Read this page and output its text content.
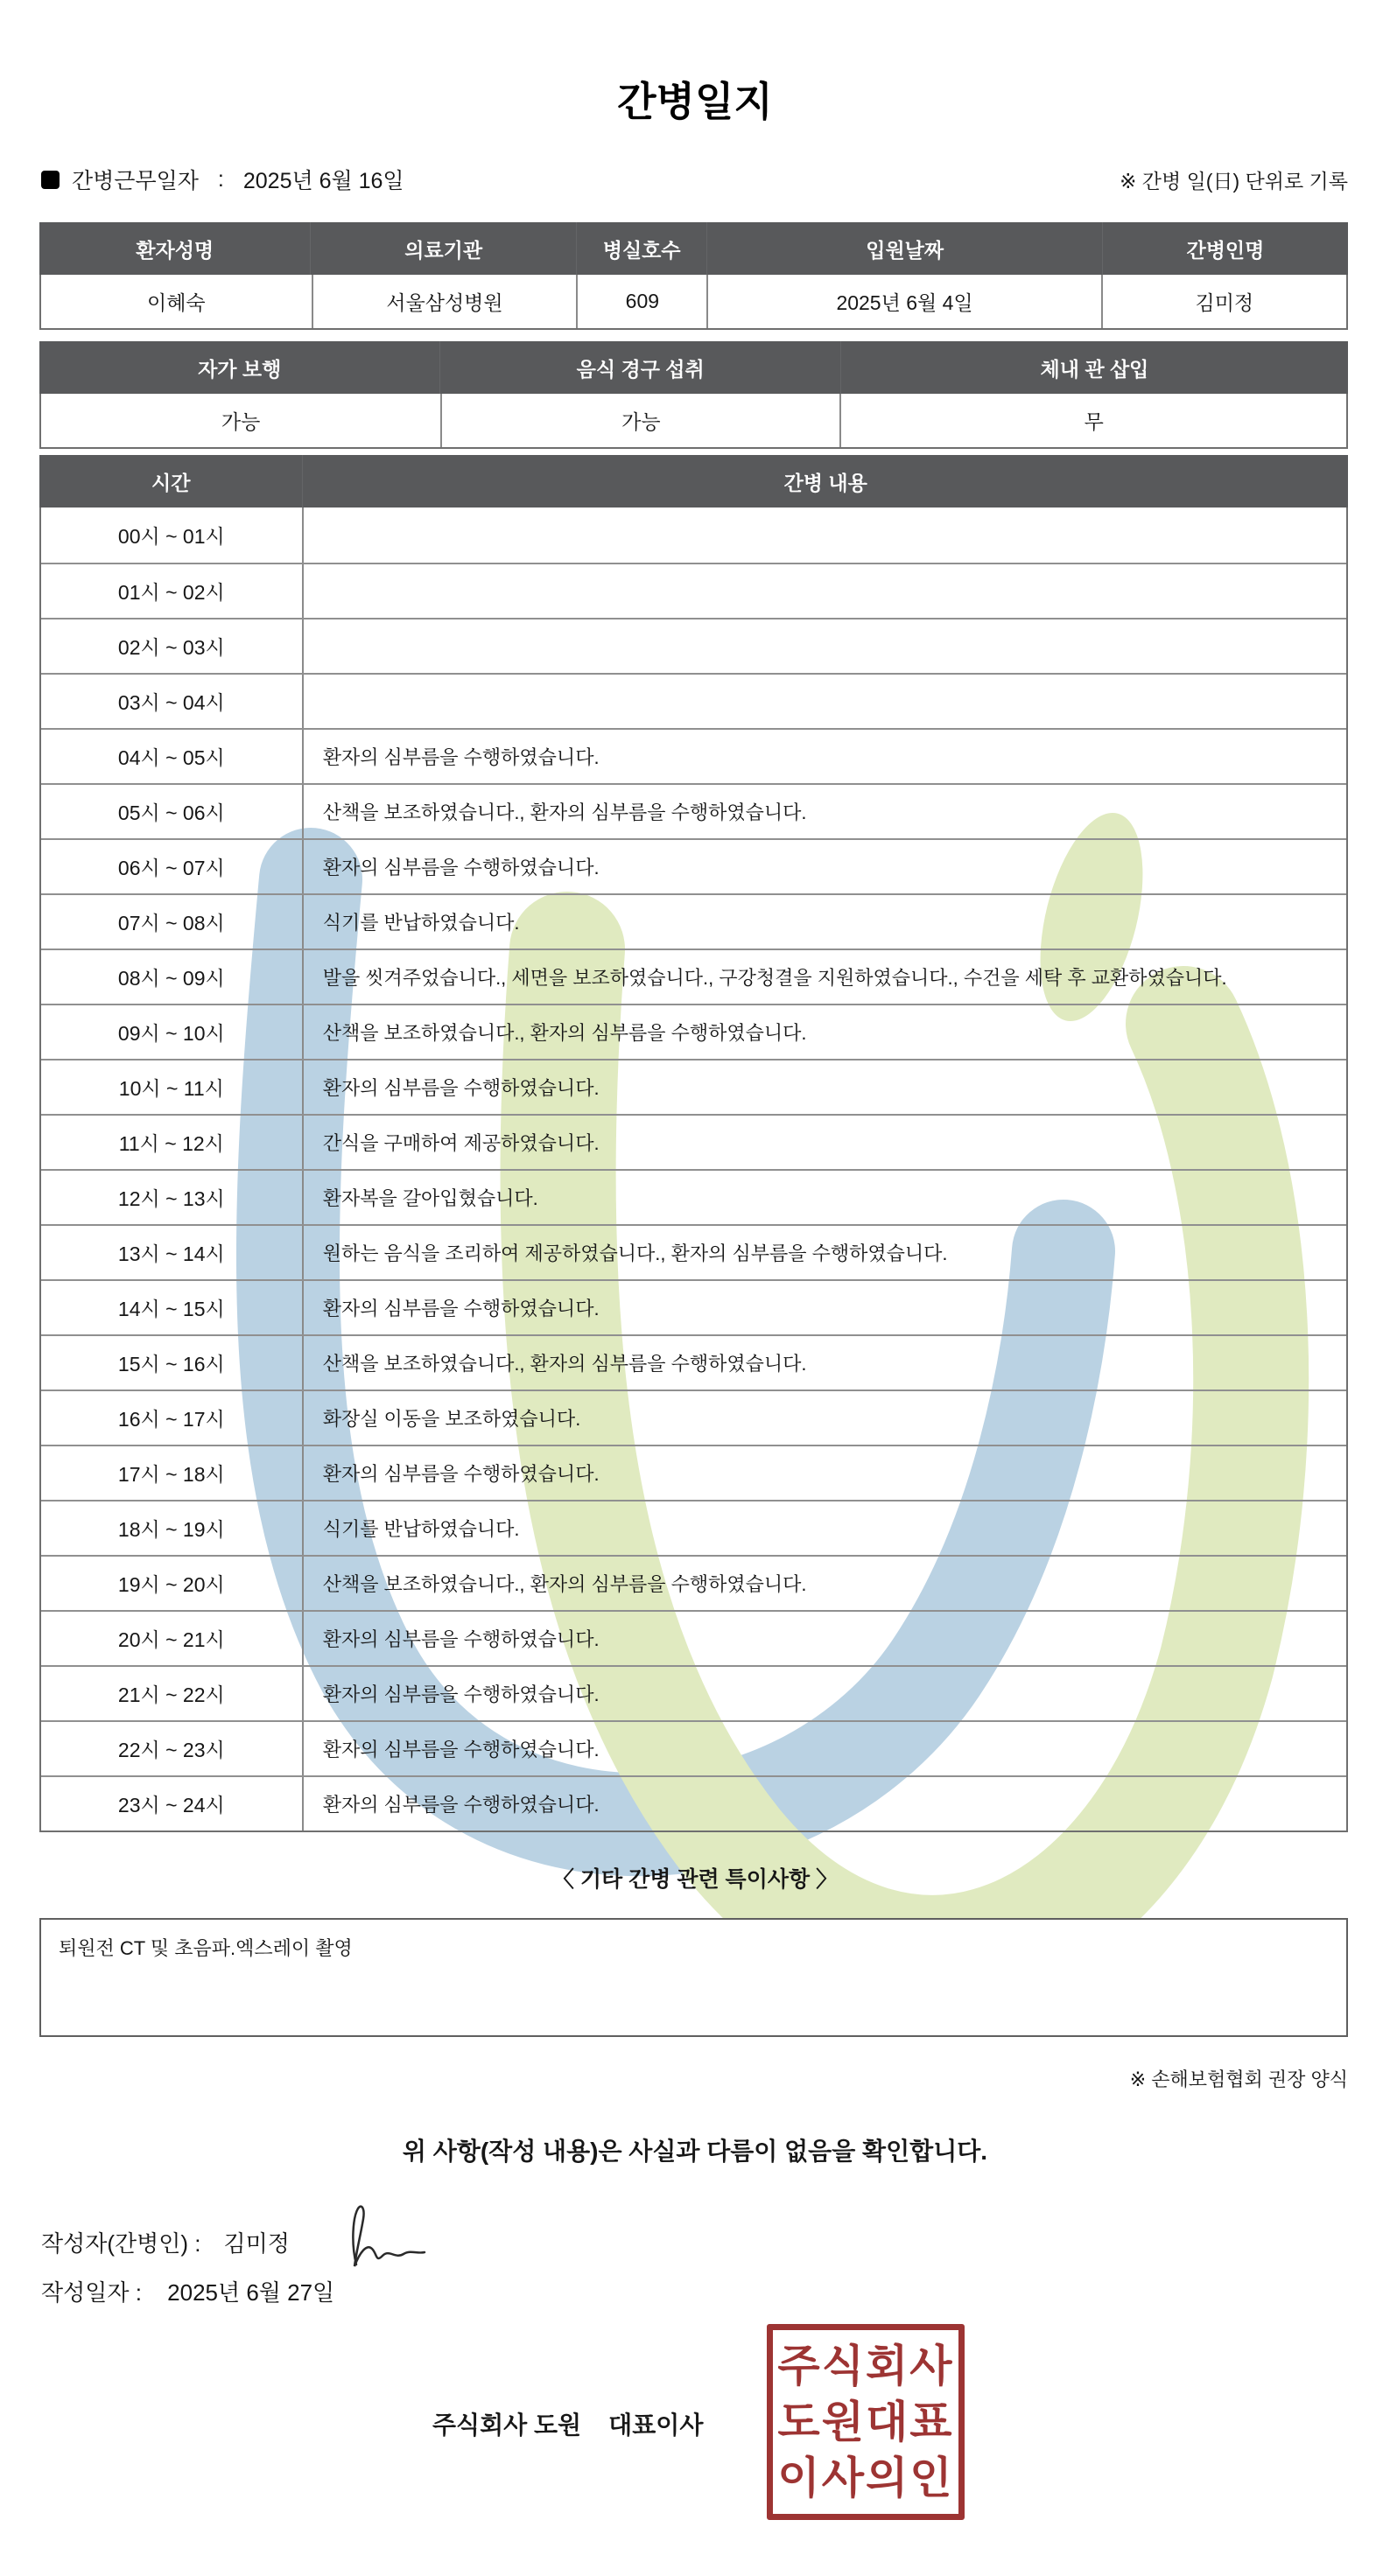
간병일지
간병근무일자 : 2025년 6월 16일	※ 간병 일(日) 단위로 기록
환자성명	의료기관	병실호수	입원날짜	간병인명
이혜숙	서울삼성병원	609	2025년 6월 4일	김미정
자가 보행	음식 경구 섭취	체내 관 삽입
가능	가능	무
시간	간병 내용
00시 ~ 01시
01시 ~ 02시
02시 ~ 03시
03시 ~ 04시
04시 ~ 05시	환자의 심부름을 수행하였습니다.
05시 ~ 06시	산책을 보조하였습니다., 환자의 심부름을 수행하였습니다.
06시 ~ 07시	환자의 심부름을 수행하였습니다.
07시 ~ 08시	식기를 반납하였습니다.
08시 ~ 09시	발을 씻겨주었습니다., 세면을 보조하였습니다., 구강청결을 지원하였습니다., 수건을 세탁 후 교환하였습니다.
09시 ~ 10시	산책을 보조하였습니다., 환자의 심부름을 수행하였습니다.
10시 ~ 11시	환자의 심부름을 수행하였습니다.
11시 ~ 12시	간식을 구매하여 제공하였습니다.
12시 ~ 13시	환자복을 갈아입혔습니다.
13시 ~ 14시	원하는 음식을 조리하여 제공하였습니다., 환자의 심부름을 수행하였습니다.
14시 ~ 15시	환자의 심부름을 수행하였습니다.
15시 ~ 16시	산책을 보조하였습니다., 환자의 심부름을 수행하였습니다.
16시 ~ 17시	화장실 이동을 보조하였습니다.
17시 ~ 18시	환자의 심부름을 수행하였습니다.
18시 ~ 19시	식기를 반납하였습니다.
19시 ~ 20시	산책을 보조하였습니다., 환자의 심부름을 수행하였습니다.
20시 ~ 21시	환자의 심부름을 수행하였습니다.
21시 ~ 22시	환자의 심부름을 수행하였습니다.
22시 ~ 23시	환자의 심부름을 수행하였습니다.
23시 ~ 24시	환자의 심부름을 수행하였습니다.
〈 기타 간병 관련 특이사항 〉
퇴원전 CT 및 초음파.엑스레이 촬영
※ 손해보험협회 권장 양식
위 사항(작성 내용)은 사실과 다름이 없음을 확인합니다.
작성자(간병인) : 김미정
작성일자 : 2025년 6월 27일
주식회사 도원    대표이사
주식회사
도원대표
이사의인
